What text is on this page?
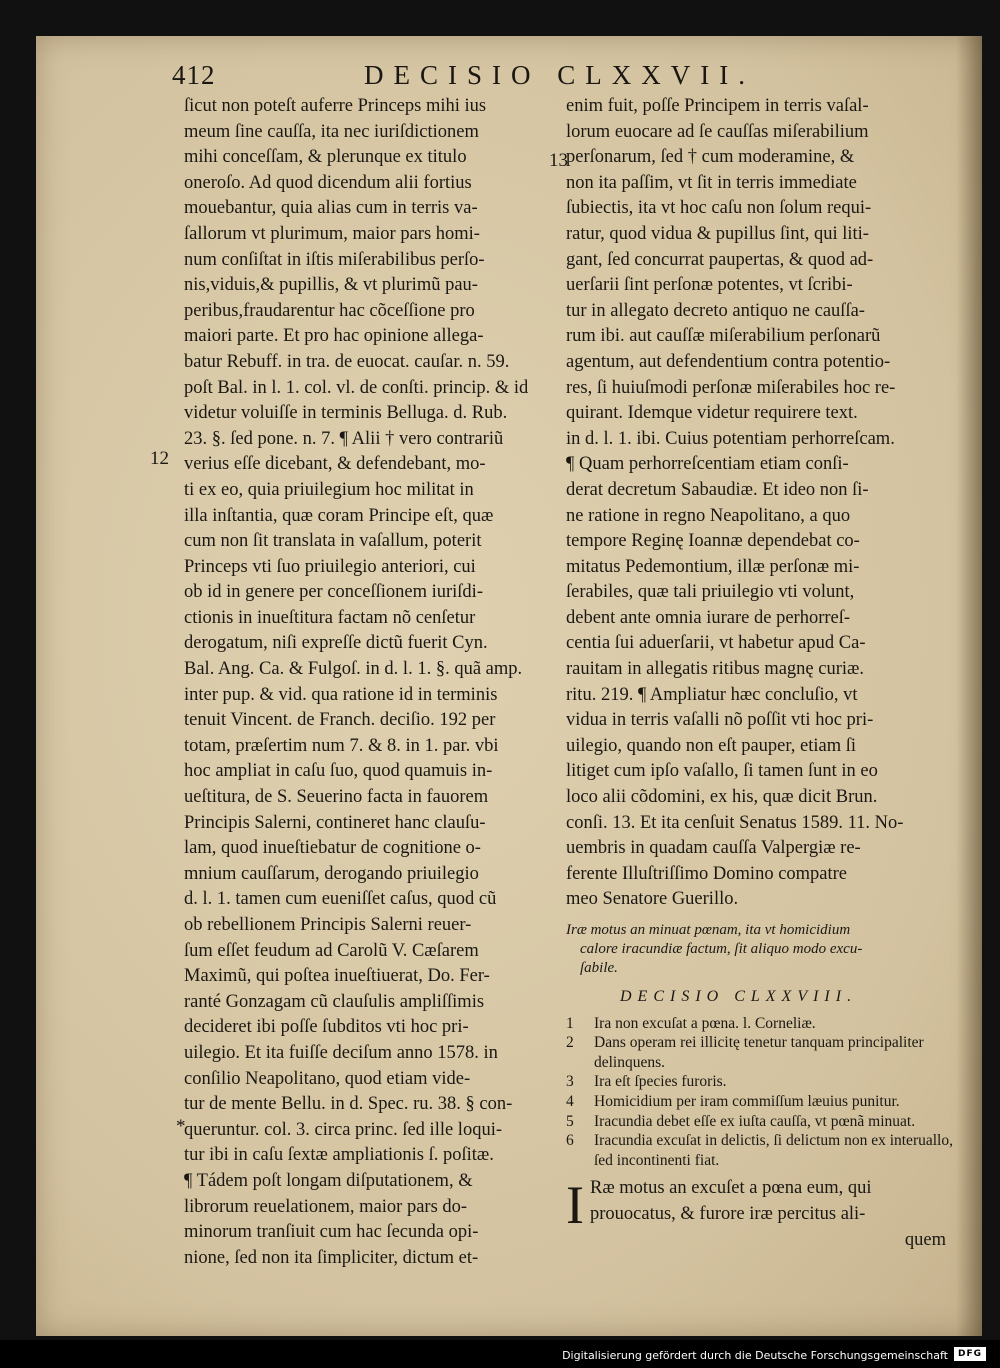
412	DECISIO CLXXVII.
12
13
*

ſicut non poteſt auferre Princeps mihi ius

meum ſine cauſſa, ita nec iuriſdictionem

mihi conceſſam, & plerunque ex titulo

oneroſo. Ad quod dicendum alii fortius

mouebantur, quia alias cum in terris va-

ſallorum vt plurimum, maior pars homi-

num conſiſtat in iſtis miſerabilibus perſo-

nis,viduis,& pupillis, & vt plurimũ pau-

peribus,fraudarentur hac cõceſſione pro

maiori parte. Et pro hac opinione allega-

batur Rebuff. in tra. de euocat. cauſar. n. 59.

poſt Bal. in l. 1. col. vl. de conſti. princip. & id

videtur voluiſſe in terminis Belluga. d. Rub.

23. §. ſed pone. n. 7. ¶ Alii † vero contrariũ

verius eſſe dicebant, & defendebant, mo-

ti ex eo, quia priuilegium hoc militat in

illa inſtantia, quæ coram Principe eſt, quæ

cum non ſit translata in vaſallum, poterit

Princeps vti ſuo priuilegio anteriori, cui

ob id in genere per conceſſionem iuriſdi-

ctionis in inueſtitura factam nõ cenſetur

derogatum, niſi expreſſe dictũ fuerit Cyn.

Bal. Ang. Ca. & Fulgoſ. in d. l. 1. §. quã amp.

inter pup. & vid. qua ratione id in terminis

tenuit Vincent. de Franch. deciſio. 192 per

totam, præſertim num 7. & 8. in 1. par. vbi

hoc ampliat in caſu ſuo, quod quamuis in-

ueſtitura, de S. Seuerino facta in fauorem

Principis Salerni, contineret hanc clauſu-

lam, quod inueſtiebatur de cognitione o-

mnium cauſſarum, derogando priuilegio

d. l. 1. tamen cum eueniſſet caſus, quod cũ

ob rebellionem Principis Salerni reuer-

ſum eſſet feudum ad Carolũ V. Cæſarem

Maximũ, qui poſtea inueſtiuerat, Do. Fer-

ranté Gonzagam cũ clauſulis ampliſſimis

decideret ibi poſſe ſubditos vti hoc pri-

uilegio. Et ita fuiſſe deciſum anno 1578. in

conſilio Neapolitano, quod etiam vide-

tur de mente Bellu. in d. Spec. ru. 38. § con-

queruntur. col. 3. circa princ. ſed ille loqui-

tur ibi in caſu ſextæ ampliationis ſ. poſitæ.

¶ Tádem poſt longam diſputationem, &

librorum reuelationem, maior pars do-

minorum tranſiuit cum hac ſecunda opi-

nione, ſed non ita ſimpliciter, dictum et-

enim fuit, poſſe Principem in terris vaſal-

lorum euocare ad ſe cauſſas miſerabilium

perſonarum, ſed † cum moderamine, &

non ita paſſim, vt ſit in terris immediate

ſubiectis, ita vt hoc caſu non ſolum requi-

ratur, quod vidua & pupillus ſint, qui liti-

gant, ſed concurrat paupertas, & quod ad-

uerſarii ſint perſonæ potentes, vt ſcribi-

tur in allegato decreto antiquo ne cauſſa-

rum ibi. aut cauſſæ miſerabilium perſonarũ

agentum, aut defendentium contra potentio-

res, ſi huiuſmodi perſonæ miſerabiles hoc re-

quirant. Idemque videtur requirere text.

in d. l. 1. ibi. Cuius potentiam perhorreſcam.

¶ Quam perhorreſcentiam etiam conſi-

derat decretum Sabaudiæ. Et ideo non ſi-

ne ratione in regno Neapolitano, a quo

tempore Reginę Ioannæ dependebat co-

mitatus Pedemontium, illæ perſonæ mi-

ſerabiles, quæ tali priuilegio vti volunt,

debent ante omnia iurare de perhorreſ-

centia ſui aduerſarii, vt habetur apud Ca-

rauitam in allegatis ritibus magnę curiæ.

ritu. 219. ¶ Ampliatur hæc concluſio, vt

vidua in terris vaſalli nõ poſſit vti hoc pri-

uilegio, quando non eſt pauper, etiam ſi

litiget cum ipſo vaſallo, ſi tamen ſunt in eo

loco alii cõdomini, ex his, quæ dicit Brun.

conſi. 13. Et ita cenſuit Senatus 1589. 11. No-

uembris in quadam cauſſa Valpergiæ re-

ferente Illuſtriſſimo Domino compatre

meo Senatore Guerillo.

Iræ motus an minuat pœnam, ita vt homicidium

calore iracundiæ factum, ſit aliquo modo excu-

ſabile.

DECISIO CLXXVIII.
1 Ira non excuſat a pœna. l. Corneliæ.
2 Dans operam rei illicitę tenetur tanquam principaliter delinquens.
3 Ira eſt ſpecies furoris.
4 Homicidium per iram commiſſum læuius punitur.
5 Iracundia debet eſſe ex iuſta cauſſa, vt pœnã minuat.
6 Iracundia excuſat in delictis, ſi delictum non ex interuallo, ſed incontinenti fiat.
I Ræ motus an excuſet a pœna eum, qui

prouocatus, & furore iræ percitus ali-

quem

Digitalisierung gefördert durch die Deutsche Forschungsgemeinschaft	DFG
